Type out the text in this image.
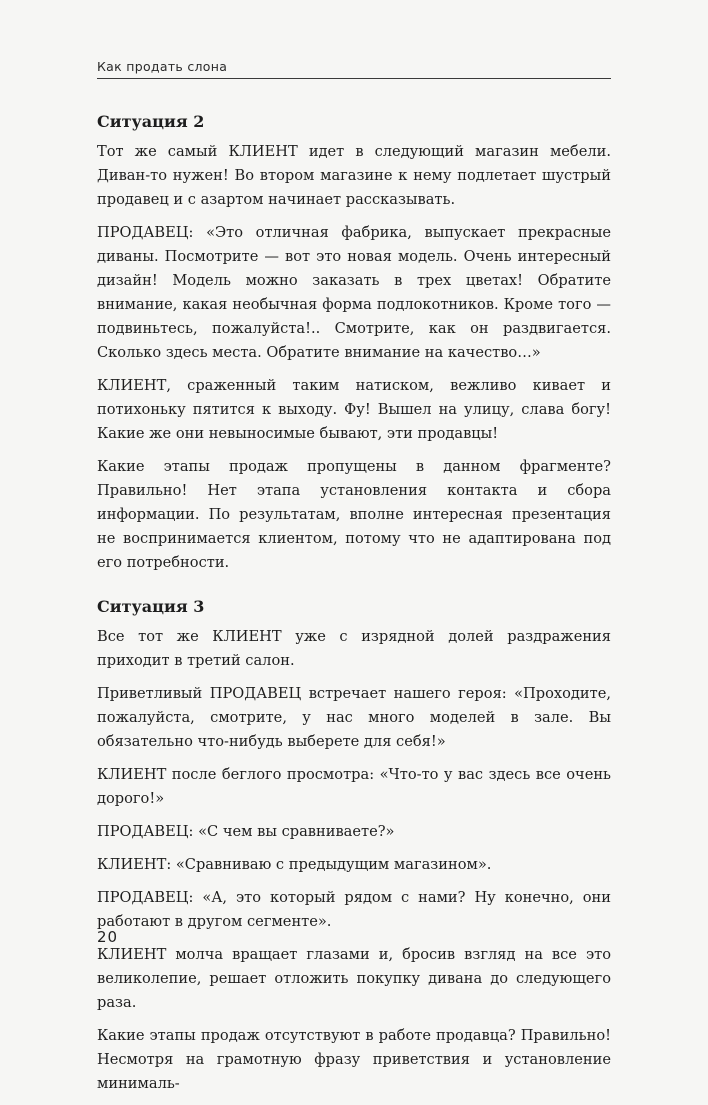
Как продать слона
Ситуация 2

Тот же самый КЛИЕНТ идет в следующий магазин мебели. Диван-то нужен! Во втором магазине к нему подлетает шустрый продавец и с азартом начинает рассказывать.

ПРОДАВЕЦ: «Это отличная фабрика, выпускает прекрасные диваны. Посмотрите — вот это новая модель. Очень интересный дизайн! Модель можно заказать в трех цветах! Обратите внимание, какая необычная форма подлокотников. Кроме того — подвиньтесь, пожалуйста!.. Смотрите, как он раздвигается. Сколько здесь места. Обратите внимание на качество…»

КЛИЕНТ, сраженный таким натиском, вежливо кивает и потихоньку пятится к выходу. Фу! Вышел на улицу, слава богу! Какие же они невыносимые бывают, эти продавцы!

Какие этапы продаж пропущены в данном фрагменте? Правильно! Нет этапа установления контакта и сбора информации. По результатам, вполне интересная презентация не воспринимается клиентом, потому что не адаптирована под его потребности.

Ситуация 3

Все тот же КЛИЕНТ уже с изрядной долей раздражения приходит в третий салон.

Приветливый ПРОДАВЕЦ встречает нашего героя: «Проходите, пожалуйста, смотрите, у нас много моделей в зале. Вы обязательно что-нибудь выберете для себя!»

КЛИЕНТ после беглого просмотра: «Что-то у вас здесь все очень дорого!»

ПРОДАВЕЦ: «С чем вы сравниваете?»

КЛИЕНТ: «Сравниваю с предыдущим магазином».

ПРОДАВЕЦ: «А, это который рядом с нами? Ну конечно, они работают в другом сегменте».

КЛИЕНТ молча вращает глазами и, бросив взгляд на все это великолепие, решает отложить покупку дивана до следующего раза.

Какие этапы продаж отсутствуют в работе продавца? Правильно! Несмотря на грамотную фразу приветствия и установление минималь-

20
